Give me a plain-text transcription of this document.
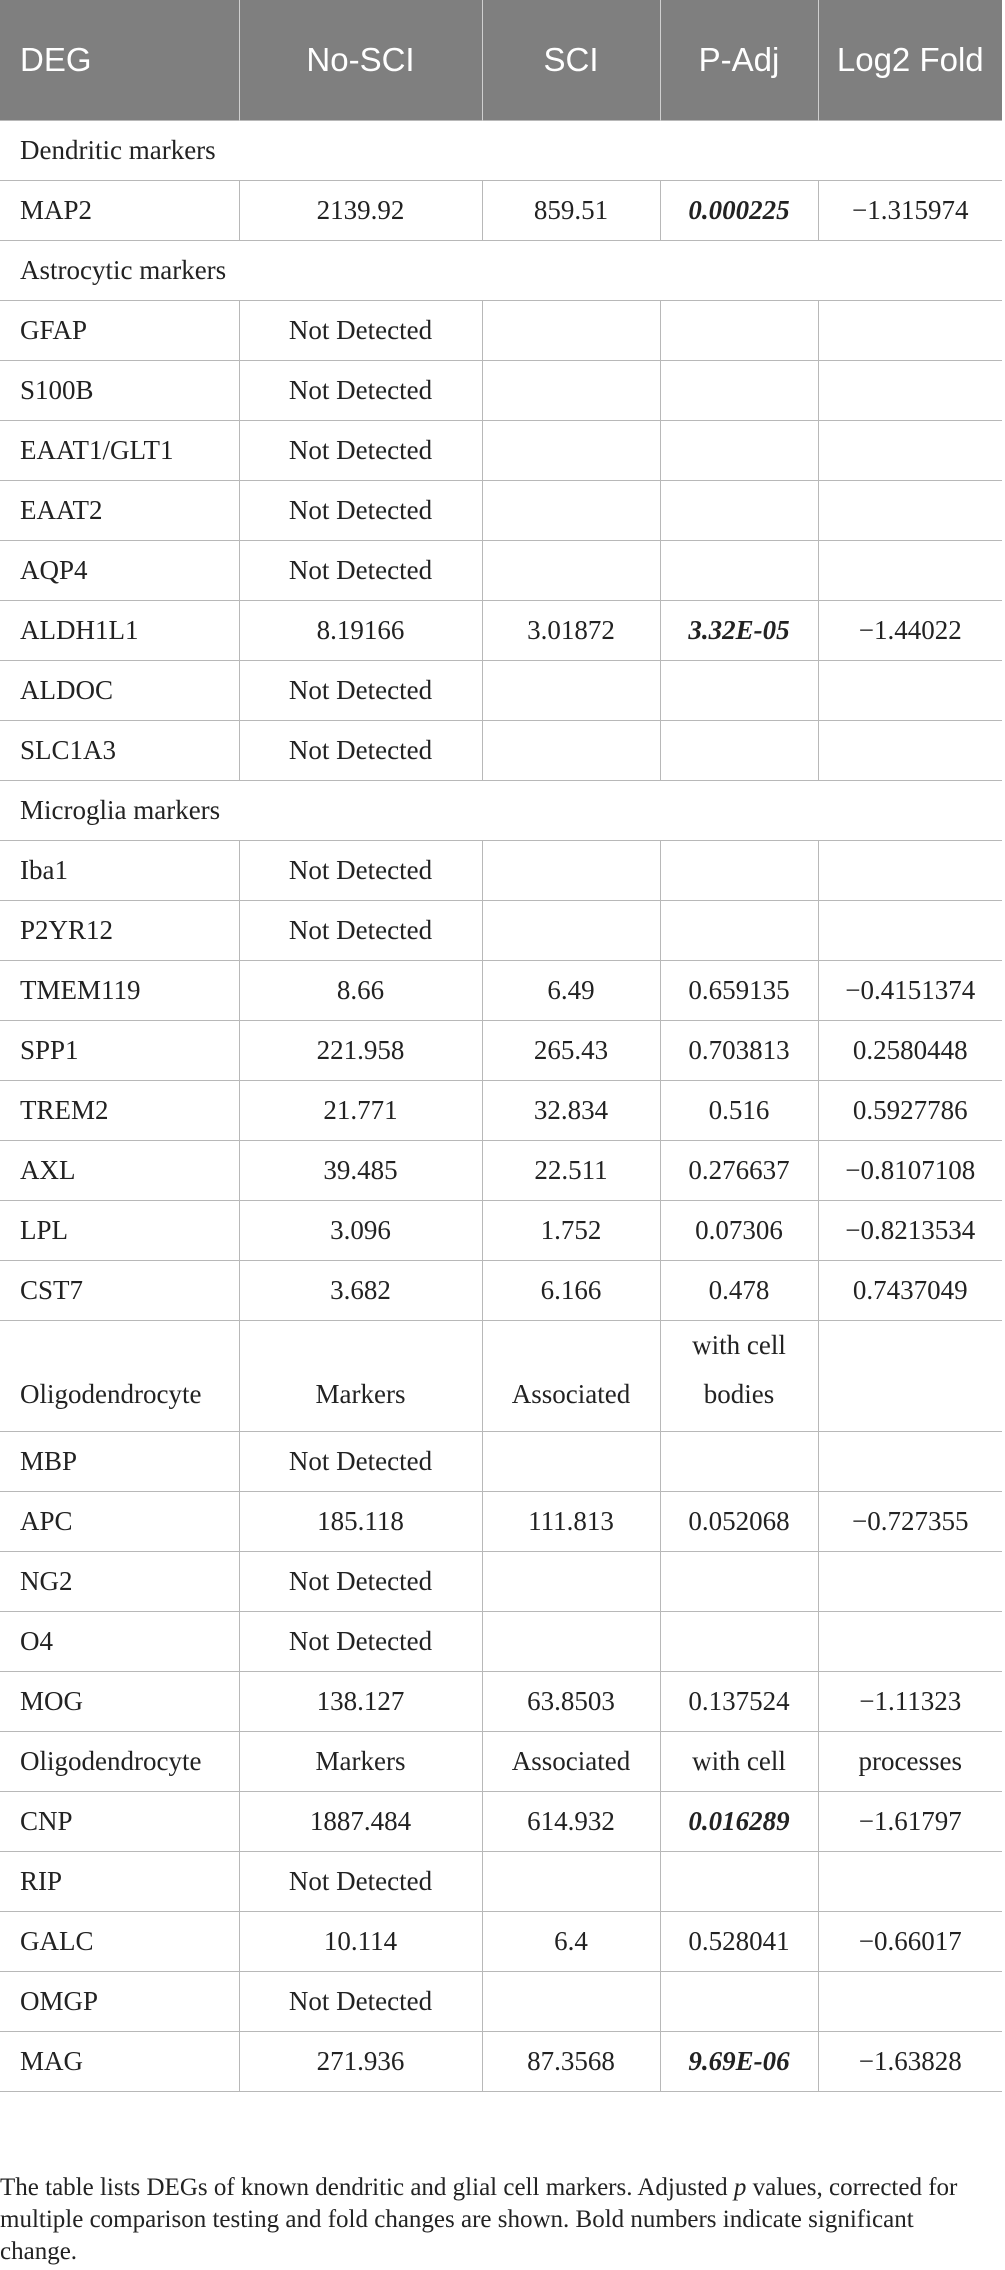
DEG	No-SCI	SCI	P-Adj	Log2 Fold
Dendritic markers				
MAP2	2139.92	859.51	0.000225	−1.315974
Astrocytic markers				
GFAP	Not Detected			
S100B	Not Detected			
EAAT1/GLT1	Not Detected			
EAAT2	Not Detected			
AQP4	Not Detected			
ALDH1L1	8.19166	3.01872	3.32E-05	−1.44022
ALDOC	Not Detected			
SLC1A3	Not Detected			
Microglia markers				
Iba1	Not Detected			
P2YR12	Not Detected			
TMEM119	8.66	6.49	0.659135	−0.4151374
SPP1	221.958	265.43	0.703813	0.2580448
TREM2	21.771	32.834	0.516	0.5927786
AXL	39.485	22.511	0.276637	−0.8107108
LPL	3.096	1.752	0.07306	−0.8213534
CST7	3.682	6.166	0.478	0.7437049
Oligodendrocyte	Markers	Associated	with cell bodies	
MBP	Not Detected			
APC	185.118	111.813	0.052068	−0.727355
NG2	Not Detected			
O4	Not Detected			
MOG	138.127	63.8503	0.137524	−1.11323
Oligodendrocyte	Markers	Associated	with cell	processes
CNP	1887.484	614.932	0.016289	−1.61797
RIP	Not Detected			
GALC	10.114	6.4	0.528041	−0.66017
OMGP	Not Detected			
MAG	271.936	87.3568	9.69E-06	−1.63828

The table lists DEGs of known dendritic and glial cell markers. Adjusted p values, corrected for multiple comparison testing and fold changes are shown. Bold numbers indicate significant change.
